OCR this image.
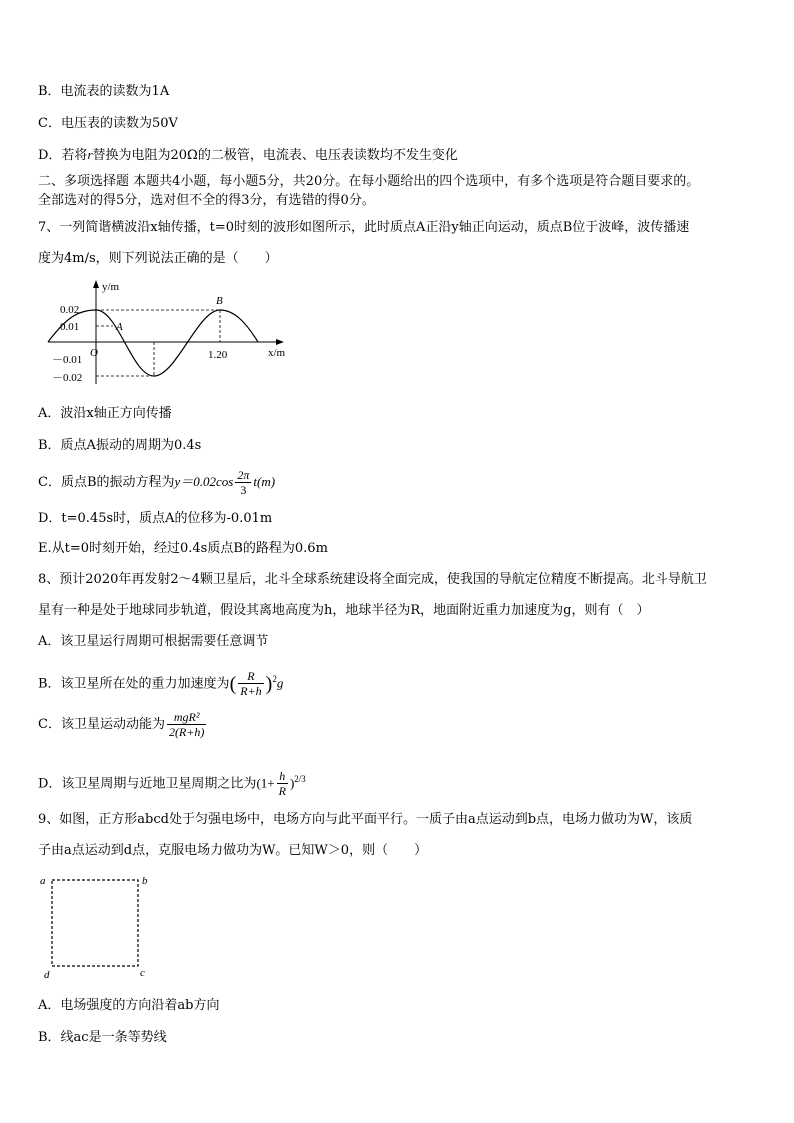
B．电流表的读数为1A
C．电压表的读数为50V
D．若将r替换为电阻为20Ω的二极管，电流表、电压表读数均不发生变化
二、多项选择题 本题共4小题，每小题5分，共20分。在每小题给出的四个选项中，有多个选项是符合题目要求的。
全部选对的得5分，选对但不全的得3分，有选错的得0分。
7、一列简谐横波沿x轴传播，t=0时刻的波形如图所示，此时质点A正沿y轴正向运动，质点B位于波峰，波传播速
度为4m/s，则下列说法正确的是（　　）
y/m
x/m
0.02
0.01
－0.01
－0.02
O
A
B
1.20
A．波沿x轴正方向传播
B．质点A振动的周期为0.4s
C．质点B的振动方程为$y=0.02\cos \frac{2\pi}{3} t(m)$
D．t=0.45s时，质点A的位移为-0.01m
E.从t=0时刻开始，经过0.4s质点B的路程为0.6m
8、预计2020年再发射2～4颗卫星后，北斗全球系统建设将全面完成，使我国的导航定位精度不断提高。北斗导航卫
星有一种是处于地球同步轨道，假设其离地高度为h，地球半径为R，地面附近重力加速度为g，则有（　）
A．该卫星运行周期可根据需要任意调节
B．该卫星所在处的重力加速度为( $\frac{R}{R+h} )^2g$
C．该卫星运动动能为 $\frac{\text{mgR²}}{2(R+h)}$
D．该卫星周期与近地卫星周期之比为$(1+ \frac{h}{R} )^{2/3}$
9、如图，正方形abcd处于匀强电场中，电场方向与此平面平行。一质子由a点运动到b点，电场力做功为W，该质
子由a点运动到d点，克服电场力做功为W。已知W＞0，则（　　）
a	b
c
d
A．电场强度的方向沿着ab方向
B．线ac是一条等势线
